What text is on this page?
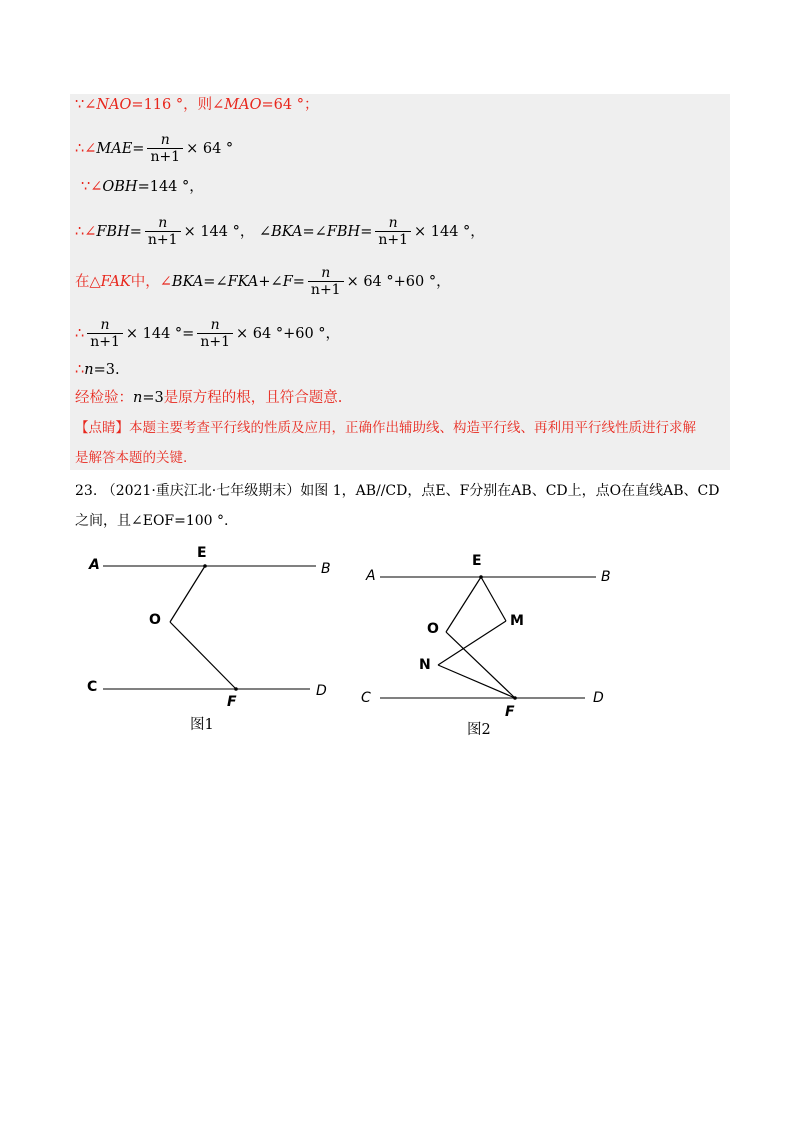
∵∠ NAO =116 ° ，则∠ MAO =64 °；
∴∠ MAE = $\frac{n}{n+1} \times 64$ °
∵∠ OBH =144 °，
∴∠ FBH = $\frac{n}{n+1} \times 144$ °，
∠ BKA =∠ FBH = $\frac{n}{n+1} \times 144$ °，
在△ FAK 中，∠ BKA =∠ FKA +∠ $F = \frac{n}{n+1} \times 64$ °+60 °，
∴ $\frac{n}{n+1} \times 144$ °= $\frac{n}{n+1} \times 64$ °+60 °，
∴ n =3.
经检验： n =3 是原方程的根，且符合题意.
【点睛】本题主要考查平行线的性质及应用，正确作出辅助线、构造平行线、再利用平行线性质进行求解
是解答本题的关键.
23. （2021·重庆江北·七年级期末）如图 1，AB//CD，点E、F分别在AB、CD上，点O在直线AB、CD
之间，且∠EOF=100 °.
A	B
E
O
C	D
F
图1
A	B
E
O	M
N
C	D
F
图2
